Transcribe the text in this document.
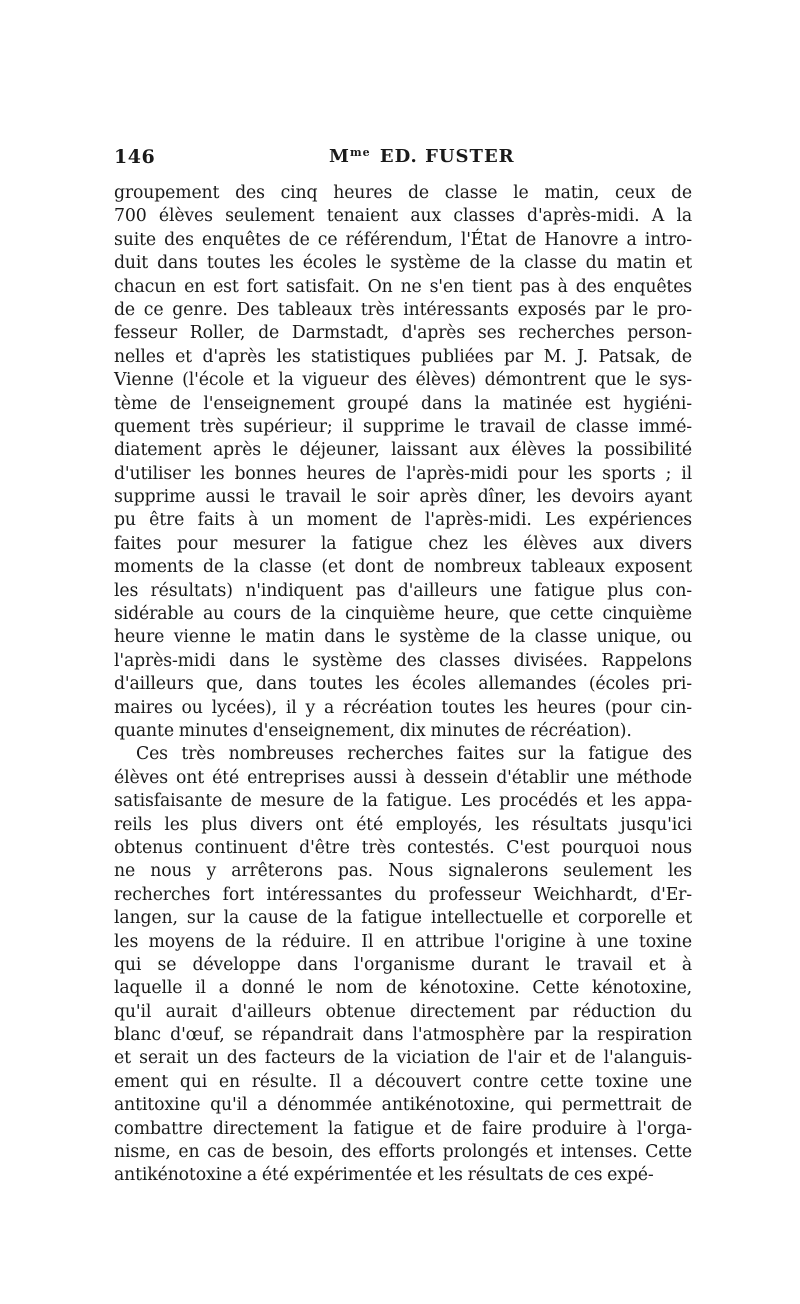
146	$M^{me}$ ED. FUSTER
groupement des cinq heures de classe le matin, ceux de
700 élèves seulement tenaient aux classes d'après-midi. A la
suite des enquêtes de ce référendum, l'État de Hanovre a intro-
duit dans toutes les écoles le système de la classe du matin et
chacun en est fort satisfait. On ne s'en tient pas à des enquêtes
de ce genre. Des tableaux très intéressants exposés par le pro-
fesseur Roller, de Darmstadt, d'après ses recherches person-
nelles et d'après les statistiques publiées par M. J. Patsak, de
Vienne (l'école et la vigueur des élèves) démontrent que le sys-
tème de l'enseignement groupé dans la matinée est hygiéni-
quement très supérieur; il supprime le travail de classe immé-
diatement après le déjeuner, laissant aux élèves la possibilité
d'utiliser les bonnes heures de l'après-midi pour les sports ; il
supprime aussi le travail le soir après dîner, les devoirs ayant
pu être faits à un moment de l'après-midi. Les expériences
faites pour mesurer la fatigue chez les élèves aux divers
moments de la classe (et dont de nombreux tableaux exposent
les résultats) n'indiquent pas d'ailleurs une fatigue plus con-
sidérable au cours de la cinquième heure, que cette cinquième
heure vienne le matin dans le système de la classe unique, ou
l'après-midi dans le système des classes divisées. Rappelons
d'ailleurs que, dans toutes les écoles allemandes (écoles pri-
maires ou lycées), il y a récréation toutes les heures (pour cin-
quante minutes d'enseignement, dix minutes de récréation).
Ces très nombreuses recherches faites sur la fatigue des
élèves ont été entreprises aussi à dessein d'établir une méthode
satisfaisante de mesure de la fatigue. Les procédés et les appa-
reils les plus divers ont été employés, les résultats jusqu'ici
obtenus continuent d'être très contestés. C'est pourquoi nous
ne nous y arrêterons pas. Nous signalerons seulement les
recherches fort intéressantes du professeur Weichhardt, d'Er-
langen, sur la cause de la fatigue intellectuelle et corporelle et
les moyens de la réduire. Il en attribue l'origine à une toxine
qui se développe dans l'organisme durant le travail et à
laquelle il a donné le nom de kénotoxine. Cette kénotoxine,
qu'il aurait d'ailleurs obtenue directement par réduction du
blanc d'œuf, se répandrait dans l'atmosphère par la respiration
et serait un des facteurs de la viciation de l'air et de l'alanguis-
ement qui en résulte. Il a découvert contre cette toxine une
antitoxine qu'il a dénommée antikénotoxine, qui permettrait de
combattre directement la fatigue et de faire produire à l'orga-
nisme, en cas de besoin, des efforts prolongés et intenses. Cette
antikénotoxine a été expérimentée et les résultats de ces expé-
